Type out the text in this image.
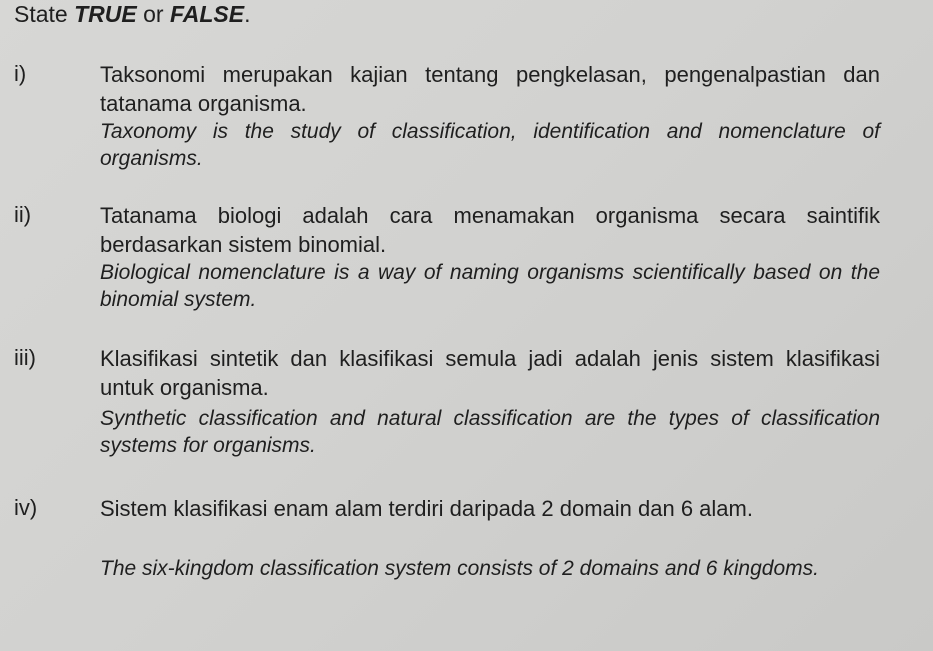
State TRUE or FALSE.

i)	Taksonomi merupakan kajian tentang pengkelasan, pengenalpastian dan tatanama organisma.
Taxonomy is the study of classification, identification and nomenclature of organisms.
ii)	Tatanama biologi adalah cara menamakan organisma secara saintifik berdasarkan sistem binomial.
Biological nomenclature is a way of naming organisms scientifically based on the binomial system.
iii)	Klasifikasi sintetik dan klasifikasi semula jadi adalah jenis sistem klasifikasi untuk organisma.
Synthetic classification and natural classification are the types of classification systems for organisms.
iv)	Sistem klasifikasi enam alam terdiri daripada 2 domain dan 6 alam.
The six-kingdom classification system consists of 2 domains and 6 kingdoms.
